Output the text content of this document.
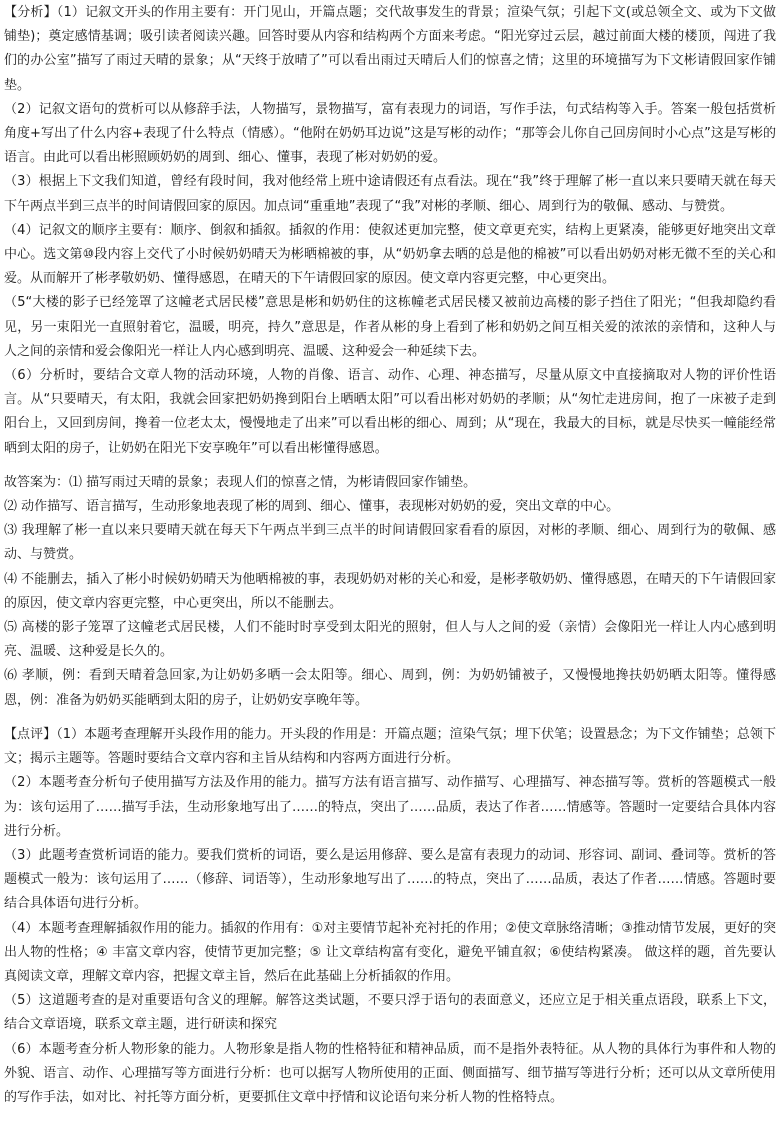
【分析】（1）记叙文开头的作用主要有：开门见山，开篇点题；交代故事发生的背景；渲染气氛；引起下文(或总领全文、或为下文做铺垫)；奠定感情基调；吸引读者阅读兴趣。回答时要从内容和结构两个方面来考虑。“阳光穿过云层，越过前面大楼的楼顶，闯进了我们的办公室”描写了雨过天晴的景象；从“天终于放晴了”可以看出雨过天晴后人们的惊喜之情；这里的环境描写为下文彬请假回家作铺垫。

（2）记叙文语句的赏析可以从修辞手法，人物描写，景物描写，富有表现力的词语，写作手法，句式结构等入手。答案一般包括赏析角度+写出了什么内容+表现了什么特点（情感）。“他附在奶奶耳边说”这是写彬的动作；“那等会儿你自己回房间时小心点”这是写彬的语言。由此可以看出彬照顾奶奶的周到、细心、懂事，表现了彬对奶奶的爱。

（3）根据上下文我们知道，曾经有段时间，我对他经常上班中途请假还有点看法。现在“我”终于理解了彬一直以来只要晴天就在每天下午两点半到三点半的时间请假回家的原因。加点词“重重地”表现了“我”对彬的孝顺、细心、周到行为的敬佩、感动、与赞赏。

（4）记叙文的顺序主要有：顺序、倒叙和插叙。插叙的作用：使叙述更加完整，使文章更充实，结构上更紧凑，能够更好地突出文章中心。选文第⑩段内容上交代了小时候奶奶晴天为彬晒棉被的事，从“奶奶拿去晒的总是他的棉被”可以看出奶奶对彬无微不至的关心和爱。从而解开了彬孝敬奶奶、懂得感恩，在晴天的下午请假回家的原因。使文章内容更完整，中心更突出。

（5“大楼的影子已经笼罩了这幢老式居民楼”意思是彬和奶奶住的这栋幢老式居民楼又被前边高楼的影子挡住了阳光；“但我却隐约看见，另一束阳光一直照射着它，温暖，明亮，持久”意思是，作者从彬的身上看到了彬和奶奶之间互相关爱的浓浓的亲情和，这种人与人之间的亲情和爱会像阳光一样让人内心感到明亮、温暖、这种爱会一种延续下去。

（6）分析时，要结合文章人物的活动环境，人物的肖像、语言、动作、心理、神态描写，尽量从原文中直接摘取对人物的评价性语言。从“只要晴天，有太阳，我就会回家把奶奶搀到阳台上晒晒太阳”可以看出彬对奶奶的孝顺；从“匆忙走进房间，抱了一床被子走到阳台上，又回到房间，搀着一位老太太，慢慢地走了出来”可以看出彬的细心、周到；从“现在，我最大的目标，就是尽快买一幢能经常晒到太阳的房子，让奶奶在阳光下安享晚年”可以看出彬懂得感恩。

故答案为：⑴ 描写雨过天晴的景象；表现人们的惊喜之情，为彬请假回家作铺垫。

⑵ 动作描写、语言描写，生动形象地表现了彬的周到、细心、懂事，表现彬对奶奶的爱，突出文章的中心。

⑶ 我理解了彬一直以来只要晴天就在每天下午两点半到三点半的时间请假回家看看的原因，对彬的孝顺、细心、周到行为的敬佩、感动、与赞赏。

⑷ 不能删去，插入了彬小时候奶奶晴天为他晒棉被的事，表现奶奶对彬的关心和爱，是彬孝敬奶奶、懂得感恩，在晴天的下午请假回家的原因，使文章内容更完整，中心更突出，所以不能删去。

⑸ 高楼的影子笼罩了这幢老式居民楼，人们不能时时享受到太阳光的照射，但人与人之间的爱（亲情）会像阳光一样让人内心感到明亮、温暖、这种爱是长久的。

⑹ 孝顺，例：看到天晴着急回家,为让奶奶多晒一会太阳等。细心、周到，例：为奶奶铺被子，又慢慢地搀扶奶奶晒太阳等。懂得感恩，例：准备为奶奶买能晒到太阳的房子，让奶奶安享晚年等。

【点评】（1）本题考查理解开头段作用的能力。开头段的作用是：开篇点题；渲染气氛；埋下伏笔；设置悬念；为下文作铺垫；总领下文；揭示主题等。答题时要结合文章内容和主旨从结构和内容两方面进行分析。

（2）本题考查分析句子使用描写方法及作用的能力。描写方法有语言描写、动作描写、心理描写、神态描写等。赏析的答题模式一般为：该句运用了……描写手法，生动形象地写出了……的特点，突出了……品质，表达了作者……情感等。答题时一定要结合具体内容进行分析。

（3）此题考查赏析词语的能力。要我们赏析的词语，要么是运用修辞、要么是富有表现力的动词、形容词、副词、叠词等。赏析的答题模式一般为：该句运用了……（修辞、词语等），生动形象地写出了……的特点，突出了……品质，表达了作者……情感。答题时要结合具体语句进行分析。

（4）本题考查理解插叙作用的能力。插叙的作用有：①对主要情节起补充衬托的作用；②使文章脉络清晰；③推动情节发展，更好的突出人物的性格；④ 丰富文章内容，使情节更加完整；⑤ 让文章结构富有变化，避免平铺直叙；⑥使结构紧凑。 做这样的题，首先要认真阅读文章，理解文章内容，把握文章主旨，然后在此基础上分析插叙的作用。

（5）这道题考查的是对重要语句含义的理解。解答这类试题，不要只浮于语句的表面意义，还应立足于相关重点语段，联系上下文，结合文章语境，联系文章主题，进行研读和探究

（6）本题考查分析人物形象的能力。人物形象是指人物的性格特征和精神品质，而不是指外表特征。从人物的具体行为事件和人物的外貌、语言、动作、心理描写等方面进行分析：也可以据写人物所使用的正面、侧面描写、细节描写等进行分析；还可以从文章所使用的写作手法，如对比、衬托等方面分析，更要抓住文章中抒情和议论语句来分析人物的性格特点。
